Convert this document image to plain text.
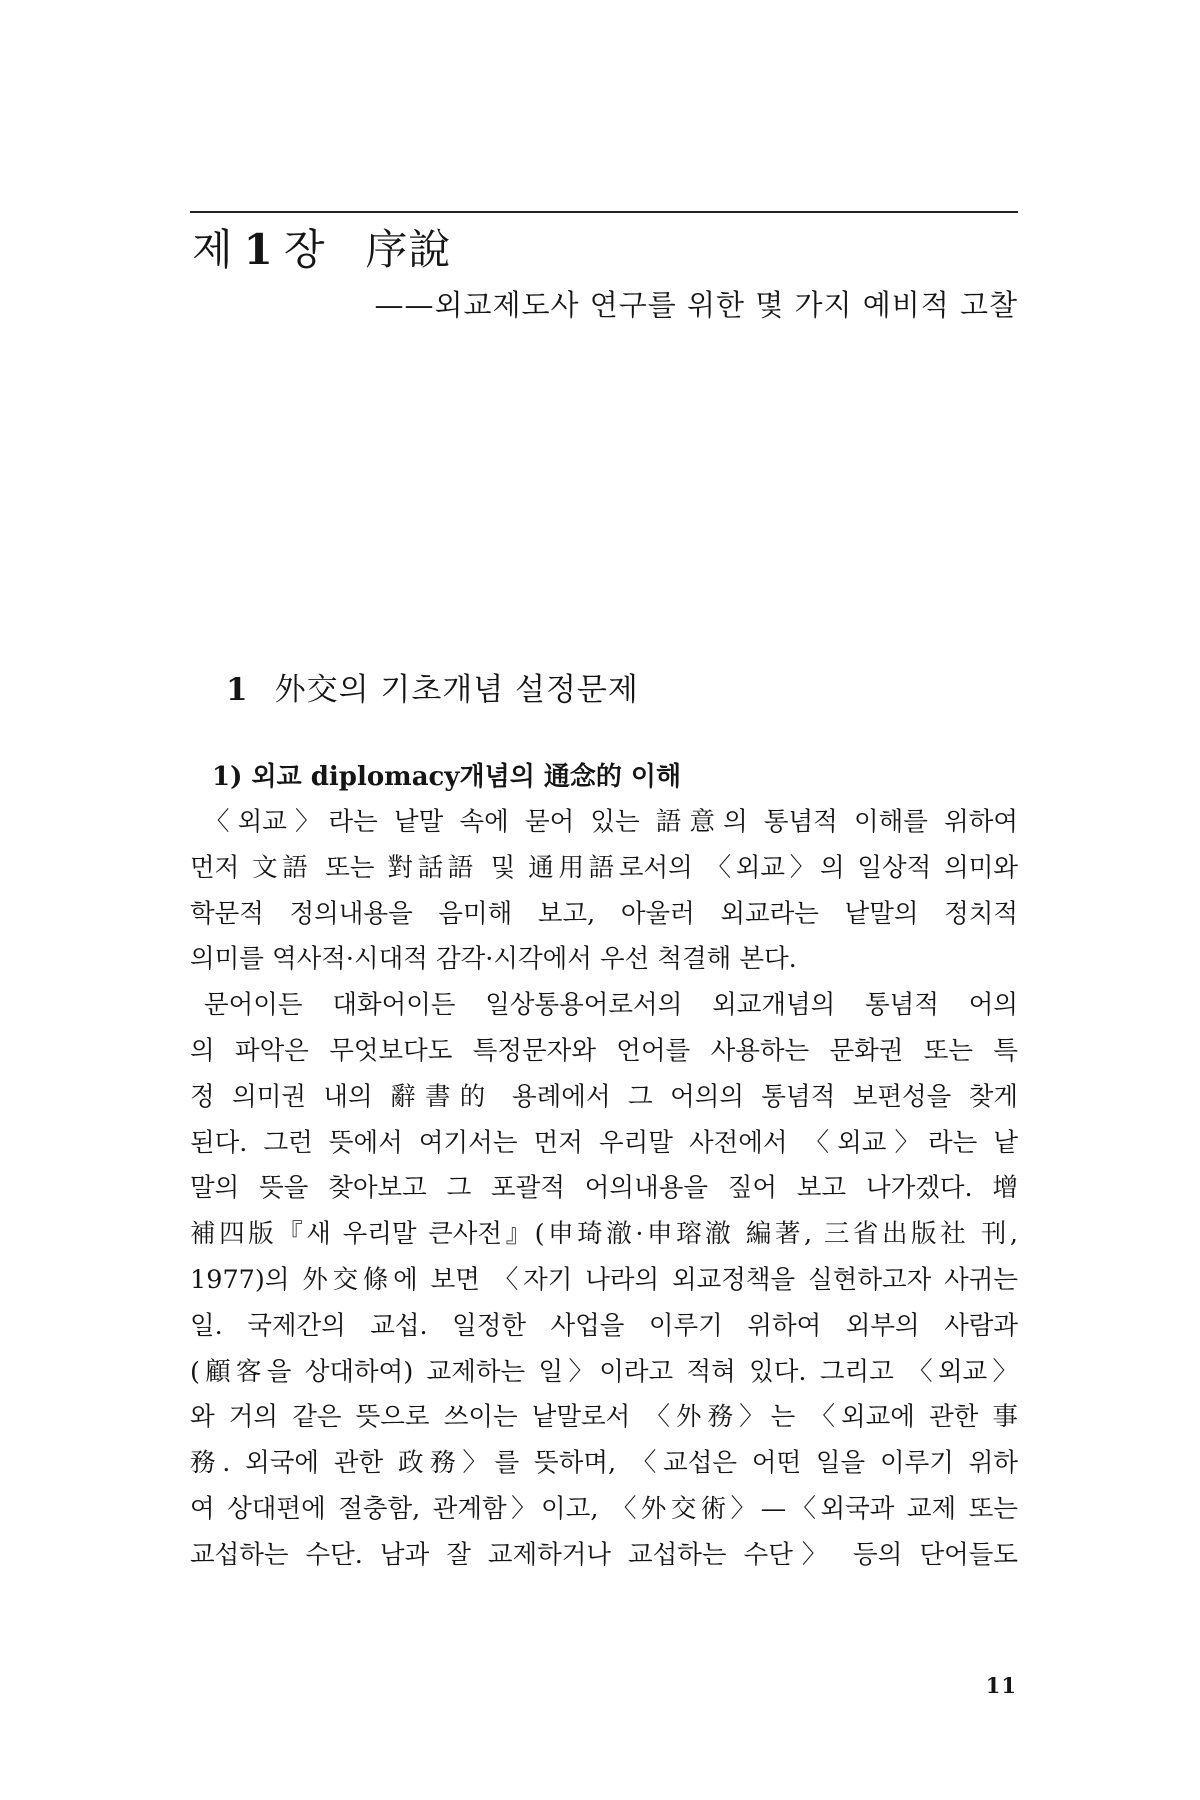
제 1 장 序說

——외교제도사 연구를 위한 몇 가지 예비적 고찰

1 外交의 기초개념 설정문제
1) 외교 diplomacy개념의 通念的 이해
〈외교〉라는 낱말 속에 묻어 있는 語意의 통념적 이해를 위하여
먼저 文語 또는 對話語 및 通用語로서의 〈외교〉의 일상적 의미와
학문적 정의내용을 음미해 보고, 아울러 외교라는 낱말의 정치적
의미를 역사적·시대적 감각·시각에서 우선 척결해 본다.
문어이든 대화어이든 일상통용어로서의 외교개념의 통념적 어의
의 파악은 무엇보다도 특정문자와 언어를 사용하는 문화권 또는 특
정 의미권 내의 辭書的 용례에서 그 어의의 통념적 보편성을 찾게
된다. 그런 뜻에서 여기서는 먼저 우리말 사전에서 〈외교〉라는 낱
말의 뜻을 찾아보고 그 포괄적 어의내용을 짚어 보고 나가겠다. 增
補四版『새 우리말 큰사전』(申琦澈·申瑢澈 編著, 三省出版社 刊,
1977)의 外交條에 보면 〈자기 나라의 외교정책을 실현하고자 사귀는
일. 국제간의 교섭. 일정한 사업을 이루기 위하여 외부의 사람과
(顧客을 상대하여) 교제하는 일〉이라고 적혀 있다. 그리고 〈외교〉
와 거의 같은 뜻으로 쓰이는 낱말로서 〈外務〉는 〈외교에 관한 事
務. 외국에 관한 政務〉를 뜻하며, 〈교섭은 어떤 일을 이루기 위하
여 상대편에 절충함, 관계함〉이고, 〈外交術〉—〈외국과 교제 또는
교섭하는 수단. 남과 잘 교제하거나 교섭하는 수단〉 등의 단어들도
11
